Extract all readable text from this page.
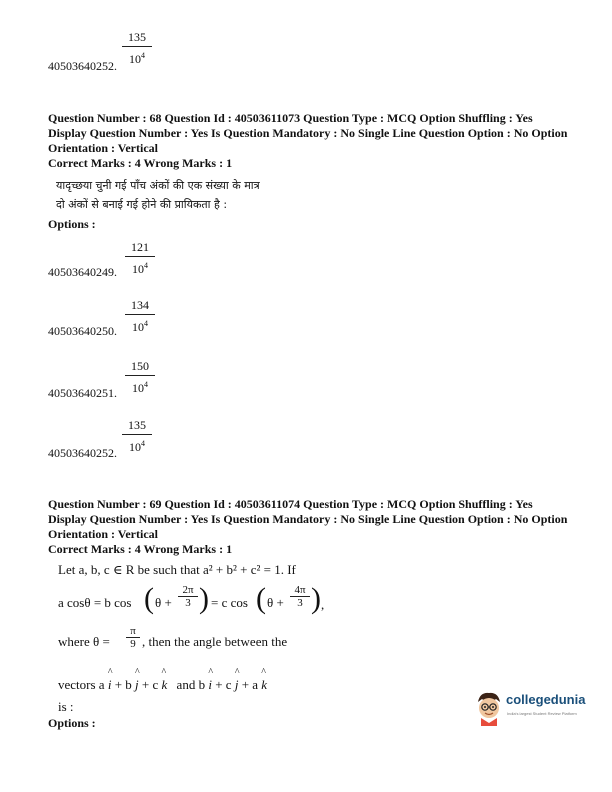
$\frac{135}{10^4}$
40503640252.
Question Number : 68 Question Id : 40503611073 Question Type : MCQ Option Shuffling : Yes
Display Question Number : Yes Is Question Mandatory : No Single Line Question Option : No Option
Orientation : Vertical
Correct Marks : 4 Wrong Marks : 1
यादृच्छया चुनी गई पाँच अंकों की एक संख्या के मात्र
दो अंकों से बनाई गई होने की प्रायिकता है :
Options :
$\frac{121}{10^4}$
40503640249.
$\frac{134}{10^4}$
40503640250.
$\frac{150}{10^4}$
40503640251.
$\frac{135}{10^4}$
40503640252.
Question Number : 69 Question Id : 40503611074 Question Type : MCQ Option Shuffling : Yes
Display Question Number : Yes Is Question Mandatory : No Single Line Question Option : No Option
Orientation : Vertical
Correct Marks : 4 Wrong Marks : 1
Let a, b, c ∈ R be such that a² + b² + c² = 1. If
a cosθ = b cos ( θ +
2π
3 ) = c cos ( θ +
4π
3 ) ,
where θ =
π
9 , then the angle between the
vectors a ^ i + b ^ j + c ^ k and b ^ i + c ^ j + a ^ k
is :
Options :
collegedunia
India's largest Student Review Platform
